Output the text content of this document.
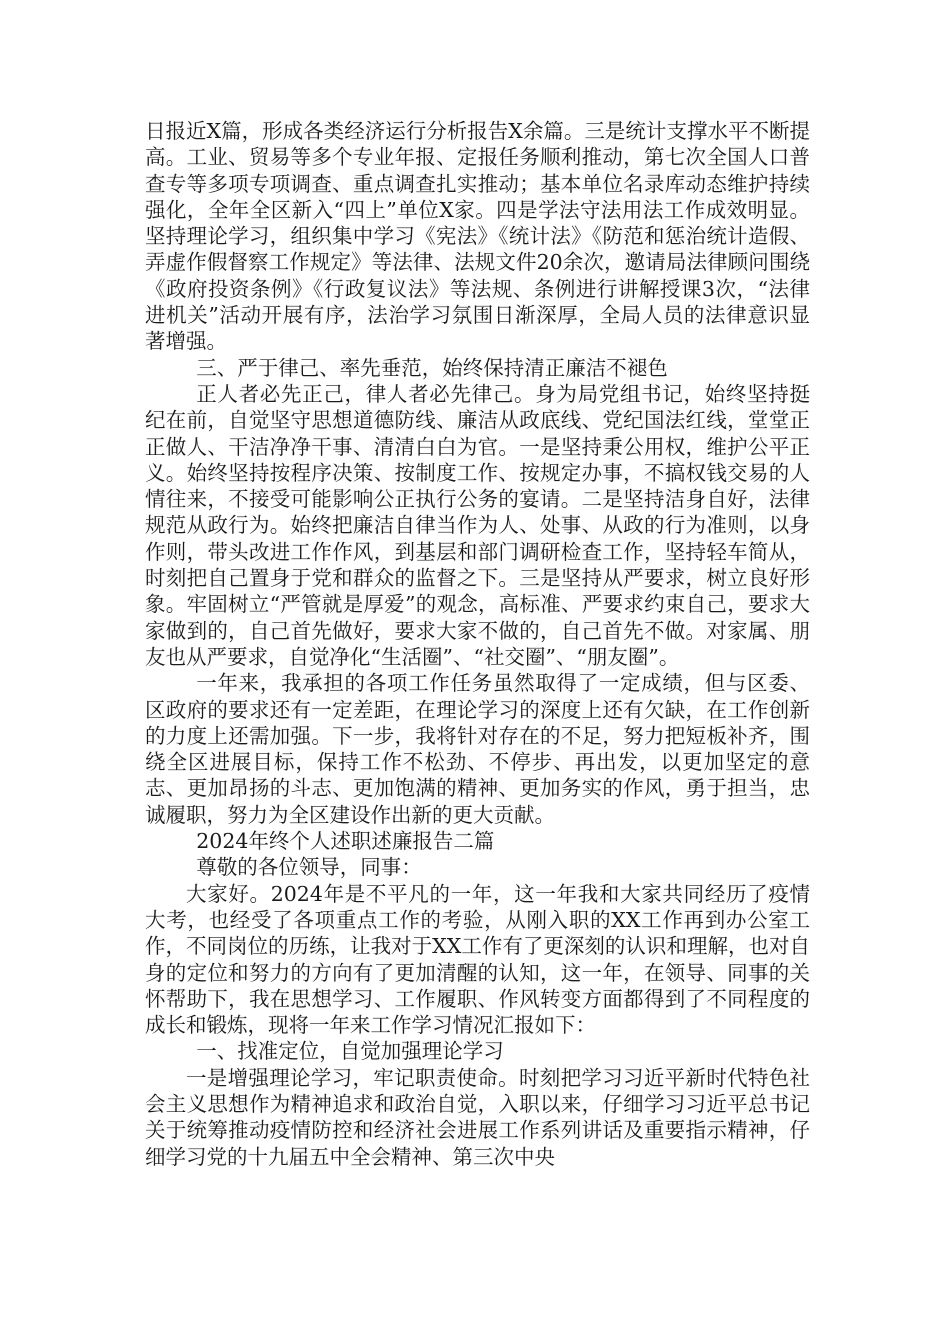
日报近X篇，形成各类经济运行分析报告X余篇。三是统计支撑水平不断提高。工业、贸易等多个专业年报、定报任务顺利推动，第七次全国人口普查专等多项专项调查、重点调查扎实推动；基本单位名录库动态维护持续强化，全年全区新入“四上”单位X家。四是学法守法用法工作成效明显。坚持理论学习，组织集中学习《宪法》《统计法》《防范和惩治统计造假、弄虚作假督察工作规定》等法律、法规文件20余次，邀请局法律顾问围绕《政府投资条例》《行政复议法》等法规、条例进行讲解授课3次，“法律进机关”活动开展有序，法治学习氛围日渐深厚，全局人员的法律意识显著增强。

三、严于律己、率先垂范，始终保持清正廉洁不褪色

正人者必先正己，律人者必先律己。身为局党组书记，始终坚持挺纪在前，自觉坚守思想道德防线、廉洁从政底线、党纪国法红线，堂堂正正做人、干洁净净干事、清清白白为官。一是坚持秉公用权，维护公平正义。始终坚持按程序决策、按制度工作、按规定办事，不搞权钱交易的人情往来，不接受可能影响公正执行公务的宴请。二是坚持洁身自好，法律规范从政行为。始终把廉洁自律当作为人、处事、从政的行为准则，以身作则，带头改进工作作风，到基层和部门调研检查工作，坚持轻车简从，时刻把自己置身于党和群众的监督之下。三是坚持从严要求，树立良好形象。牢固树立“严管就是厚爱”的观念，高标准、严要求约束自己，要求大家做到的，自己首先做好，要求大家不做的，自己首先不做。对家属、朋友也从严要求，自觉净化“生活圈”、“社交圈”、“朋友圈”。

一年来，我承担的各项工作任务虽然取得了一定成绩，但与区委、区政府的要求还有一定差距，在理论学习的深度上还有欠缺，在工作创新的力度上还需加强。下一步，我将针对存在的不足，努力把短板补齐，围绕全区进展目标，保持工作不松劲、不停步、再出发，以更加坚定的意志、更加昂扬的斗志、更加饱满的精神、更加务实的作风，勇于担当，忠诚履职，努力为全区建设作出新的更大贡献。

2024年终个人述职述廉报告二篇

尊敬的各位领导，同事：

大家好。2024年是不平凡的一年，这一年我和大家共同经历了疫情大考，也经受了各项重点工作的考验，从刚入职的XX工作再到办公室工作，不同岗位的历练，让我对于XX工作有了更深刻的认识和理解，也对自身的定位和努力的方向有了更加清醒的认知，这一年，在领导、同事的关怀帮助下，我在思想学习、工作履职、作风转变方面都得到了不同程度的成长和锻炼，现将一年来工作学习情况汇报如下：

一、找准定位，自觉加强理论学习

一是增强理论学习，牢记职责使命。时刻把学习习近平新时代特色社会主义思想作为精神追求和政治自觉，入职以来，仔细学习习近平总书记关于统筹推动疫情防控和经济社会进展工作系列讲话及重要指示精神，仔细学习党的十九届五中全会精神、第三次中央
